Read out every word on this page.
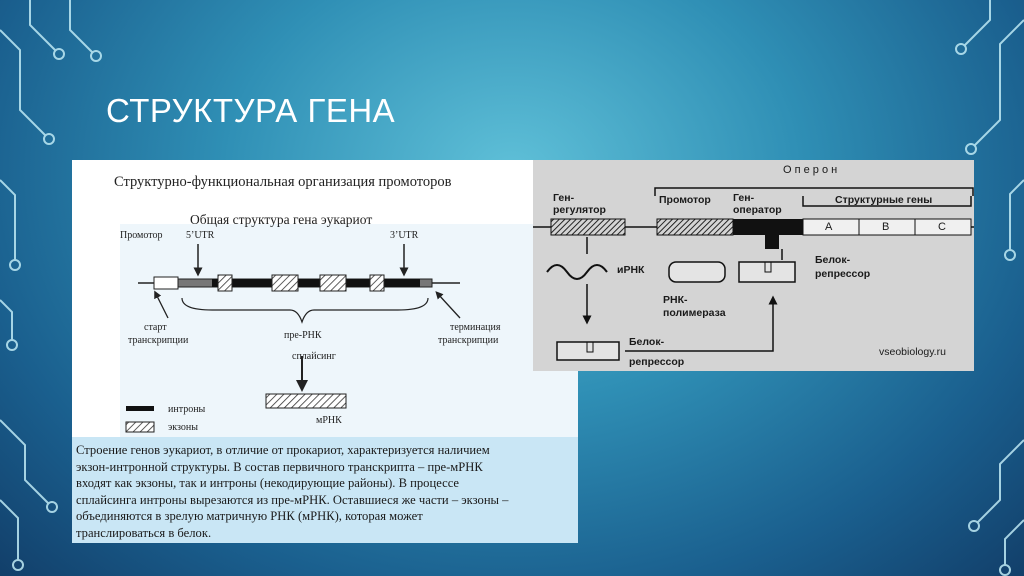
СТРУКТУРА ГЕНА
Структурно-функциональная организация промоторов
Общая структура гена эукариот
Промотор 5’UTR	3’UTR
старт
транскрипции	пре-РНК
терминация
транскрипции
сплайсинг
интроны
экзоны
мРНК
Строение генов эукариот, в отличие от прокариот, характеризуется наличием
экзон-интронной структуры. В состав первичного транскрипта – пре-мРНК
входят как экзоны, так и интроны (некодирующие районы). В процессе
сплайсинга интроны вырезаются из пре-мРНК. Оставшиеся же части – экзоны –
объединяются в зрелую матричную РНК (мРНК), которая может
транслироваться в белок.
О п е р о н
Ген-
регулятор
Промотор Ген-
оператор
Структурные гены
A	B	C
иРНК
Белок-
репрессор
РНК-
полимераза
Белок-
репрессор
vseobiology.ru
